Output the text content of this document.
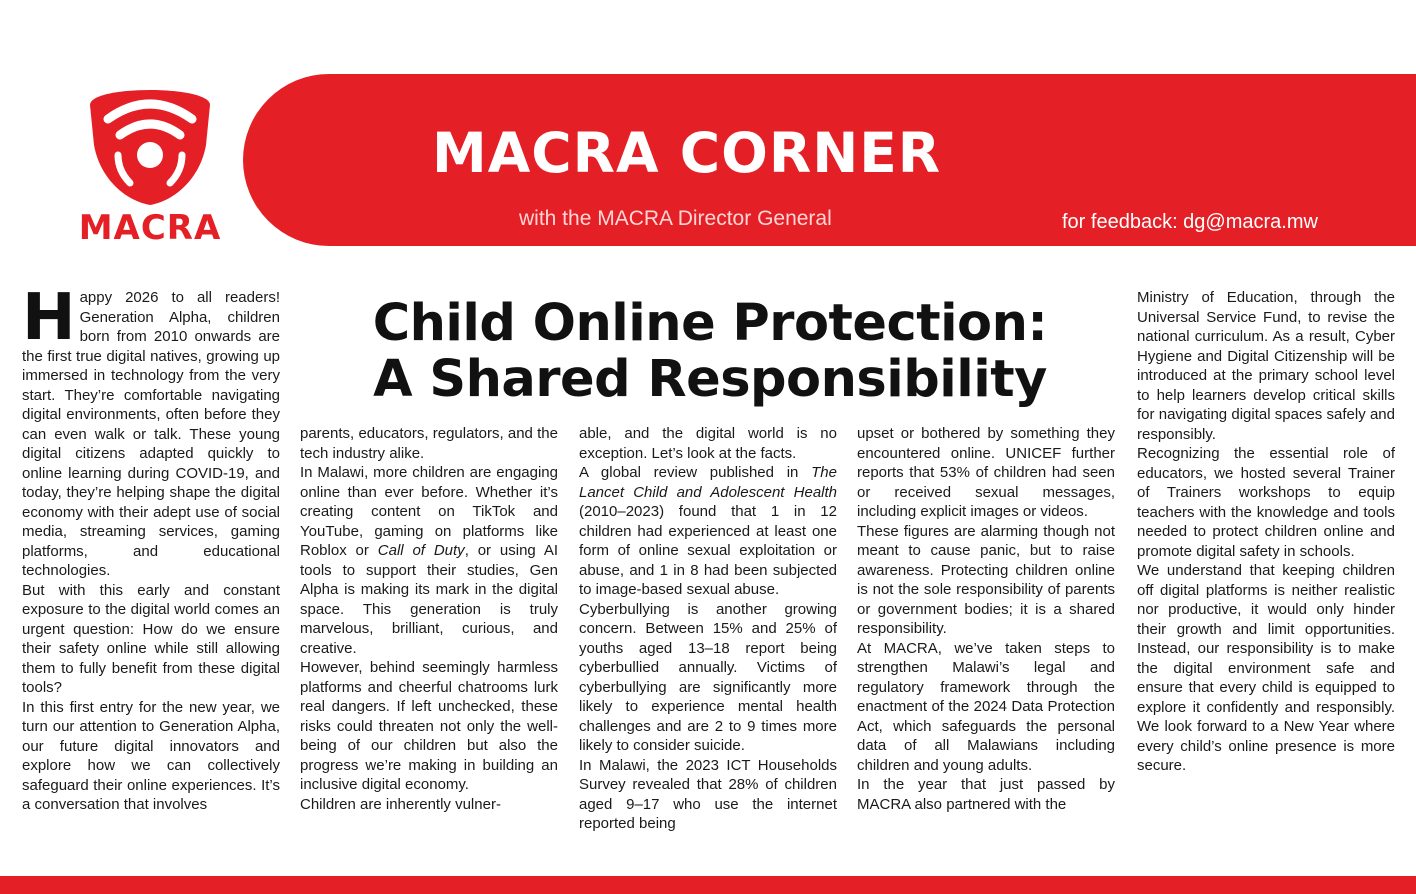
MACRA CORNER
with the MACRA Director General	for feedback: dg@macra.mw
MACRA
Child Online Protection:
A Shared Responsibility

Happy 2026 to all readers! Generation Alpha, children born from 2010 onwards are the first true digital natives, growing up immersed in technology from the very start. They’re comfortable navigating digital environments, often before they can even walk or talk. These young digital citizens adapted quickly to online learning during COVID-19, and today, they’re helping shape the digital economy with their adept use of social media, streaming services, gaming platforms, and educational technologies.

But with this early and constant exposure to the digital world comes an urgent question: How do we ensure their safety online while still allowing them to fully benefit from these digital tools?

In this first entry for the new year, we turn our attention to Generation Alpha, our future digital innovators and explore how we can collectively safeguard their online experiences. It’s a conversation that involves

parents, educators, regulators, and the tech industry alike.

In Malawi, more children are engaging online than ever before. Whether it’s creating content on TikTok and YouTube, gaming on platforms like Roblox or Call of Duty, or using AI tools to support their studies, Gen Alpha is making its mark in the digital space. This generation is truly marvelous, brilliant, curious, and creative.

However, behind seemingly harmless platforms and cheerful chatrooms lurk real dangers. If left unchecked, these risks could threaten not only the well-being of our children but also the progress we’re making in building an inclusive digital economy.

Children are inherently vulner-

able, and the digital world is no exception. Let’s look at the facts.

A global review published in The Lancet Child and Adolescent Health (2010–2023) found that 1 in 12 children had experienced at least one form of online sexual exploitation or abuse, and 1 in 8 had been subjected to image-based sexual abuse.

Cyberbullying is another growing concern. Between 15% and 25% of youths aged 13–18 report being cyberbullied annually. Victims of cyberbullying are significantly more likely to experience mental health challenges and are 2 to 9 times more likely to consider suicide.

In Malawi, the 2023 ICT Households Survey revealed that 28% of children aged 9–17 who use the internet reported being

upset or bothered by something they encountered online. UNICEF further reports that 53% of children had seen or received sexual messages, including explicit images or videos.

These figures are alarming though not meant to cause panic, but to raise awareness. Protecting children online is not the sole responsibility of parents or government bodies; it is a shared responsibility.

At MACRA, we’ve taken steps to strengthen Malawi’s legal and regulatory framework through the enactment of the 2024 Data Protection Act, which safeguards the personal data of all Malawians including children and young adults.

In the year that just passed by MACRA also partnered with the

Ministry of Education, through the Universal Service Fund, to revise the national curriculum. As a result, Cyber Hygiene and Digital Citizenship will be introduced at the primary school level to help learners develop critical skills for navigating digital spaces safely and responsibly.

Recognizing the essential role of educators, we hosted several Trainer of Trainers workshops to equip teachers with the knowledge and tools needed to protect children online and promote digital safety in schools.

We understand that keeping children off digital platforms is neither realistic nor productive, it would only hinder their growth and limit opportunities. Instead, our responsibility is to make the digital environment safe and ensure that every child is equipped to explore it confidently and responsibly. We look forward to a New Year where every child’s online presence is more secure.
